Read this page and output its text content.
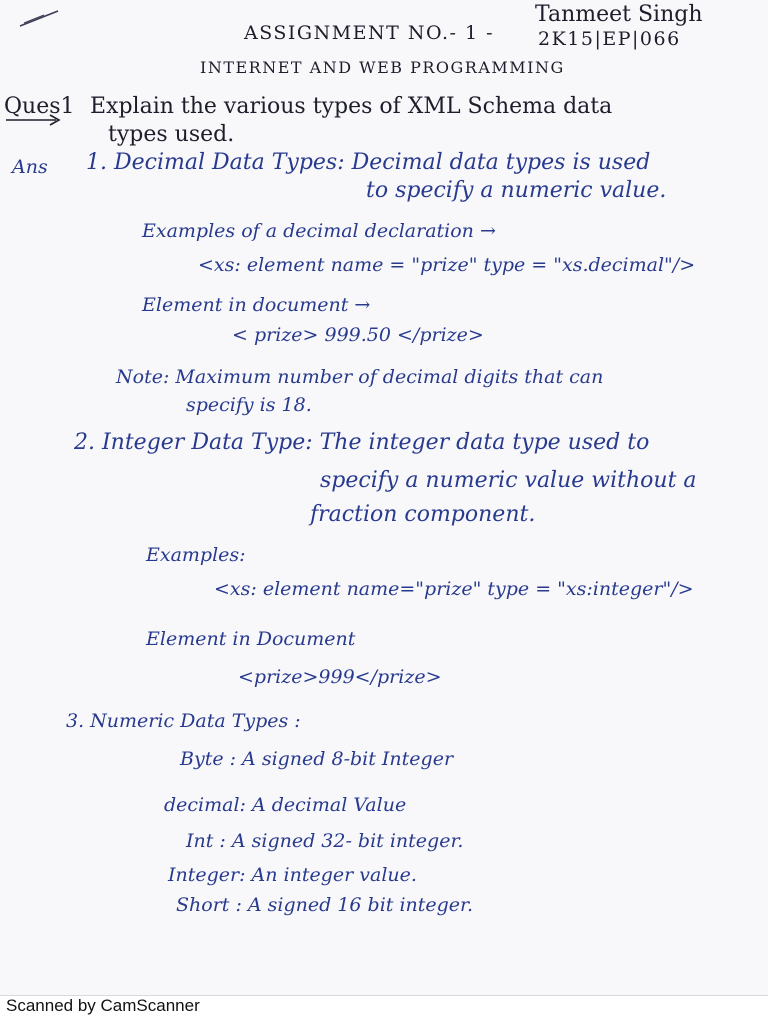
ASSIGNMENT NO.- 1 -
Tanmeet Singh
2K15|EP|066
INTERNET AND WEB PROGRAMMING
Ques1 Explain the various types of XML Schema data
types used.
Ans 1. Decimal Data Types: Decimal data types is used
to specify a numeric value.
Examples of a decimal declaration →
<xs: element name = "prize" type = "xs.decimal"/>
Element in document →
< prize> 999.50 </prize>
Note: Maximum number of decimal digits that can
specify is 18.
2. Integer Data Type: The integer data type used to
specify a numeric value without a
fraction component.
Examples:
<xs: element name="prize" type = "xs:integer"/>
Element in Document
<prize>999</prize>
3. Numeric Data Types :
Byte : A signed 8-bit Integer
decimal: A decimal Value
Int : A signed 32- bit integer.
Integer: An integer value.
Short : A signed 16 bit integer.
Scanned by CamScanner
